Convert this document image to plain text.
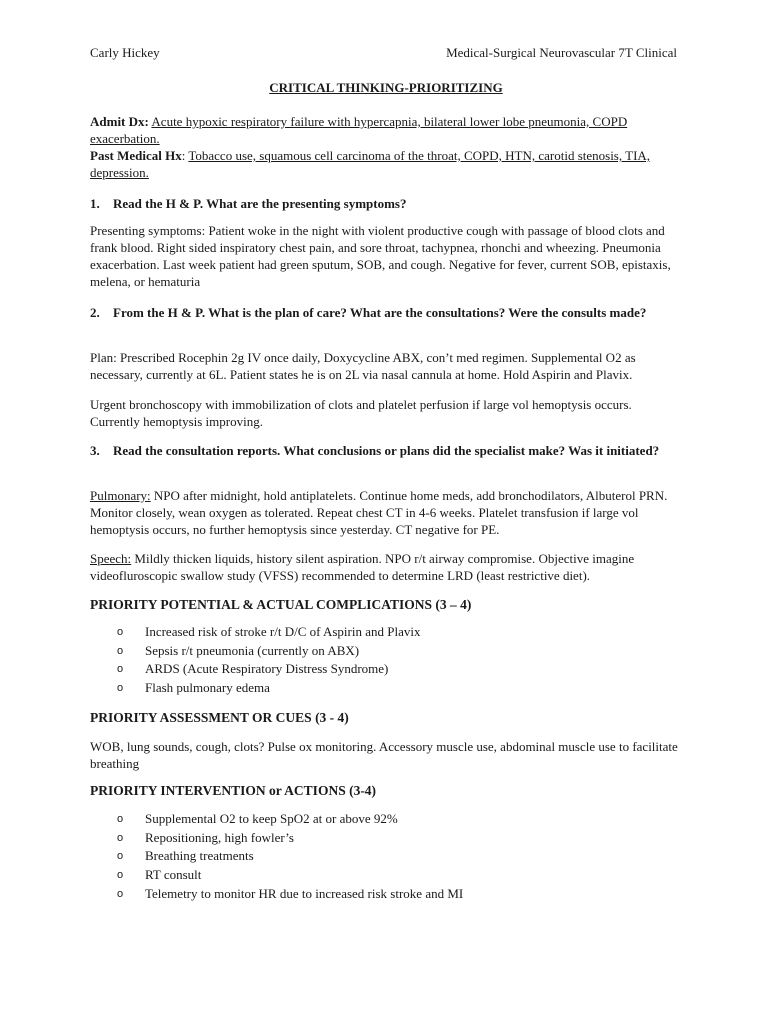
Carly Hickey	Medical-Surgical Neurovascular 7T Clinical
CRITICAL THINKING-PRIORITIZING
Admit Dx: Acute hypoxic respiratory failure with hypercapnia, bilateral lower lobe pneumonia, COPD exacerbation.
Past Medical Hx: Tobacco use, squamous cell carcinoma of the throat, COPD, HTN, carotid stenosis, TIA, depression.
1.	Read the H & P. What are the presenting symptoms?
Presenting symptoms: Patient woke in the night with violent productive cough with passage of blood clots and frank blood. Right sided inspiratory chest pain, and sore throat, tachypnea, rhonchi and wheezing. Pneumonia exacerbation. Last week patient had green sputum, SOB, and cough. Negative for fever, current SOB, epistaxis, melena, or hematuria
2.	From the H & P. What is the plan of care? What are the consultations? Were the consults made?
Plan: Prescribed Rocephin 2g IV once daily, Doxycycline ABX, con’t med regimen. Supplemental O2 as necessary, currently at 6L. Patient states he is on 2L via nasal cannula at home. Hold Aspirin and Plavix.
Urgent bronchoscopy with immobilization of clots and platelet perfusion if large vol hemoptysis occurs. Currently hemoptysis improving.
3.	Read the consultation reports. What conclusions or plans did the specialist make? Was it initiated?
Pulmonary: NPO after midnight, hold antiplatelets. Continue home meds, add bronchodilators, Albuterol PRN. Monitor closely, wean oxygen as tolerated. Repeat chest CT in 4-6 weeks. Platelet transfusion if large vol hemoptysis occurs, no further hemoptysis since yesterday. CT negative for PE.
Speech: Mildly thicken liquids, history silent aspiration. NPO r/t airway compromise. Objective imagine videofluroscopic swallow study (VFSS) recommended to determine LRD (least restrictive diet).
PRIORITY POTENTIAL & ACTUAL COMPLICATIONS (3 – 4)
o	Increased risk of stroke r/t D/C of Aspirin and Plavix
o	Sepsis r/t pneumonia (currently on ABX)
o	ARDS (Acute Respiratory Distress Syndrome)
o	Flash pulmonary edema
PRIORITY ASSESSMENT OR CUES (3 - 4)
WOB, lung sounds, cough, clots? Pulse ox monitoring. Accessory muscle use, abdominal muscle use to facilitate breathing
PRIORITY INTERVENTION or ACTIONS (3-4)
o	Supplemental O2 to keep SpO2 at or above 92%
o	Repositioning, high fowler’s
o	Breathing treatments
o	RT consult
o	Telemetry to monitor HR due to increased risk stroke and MI
